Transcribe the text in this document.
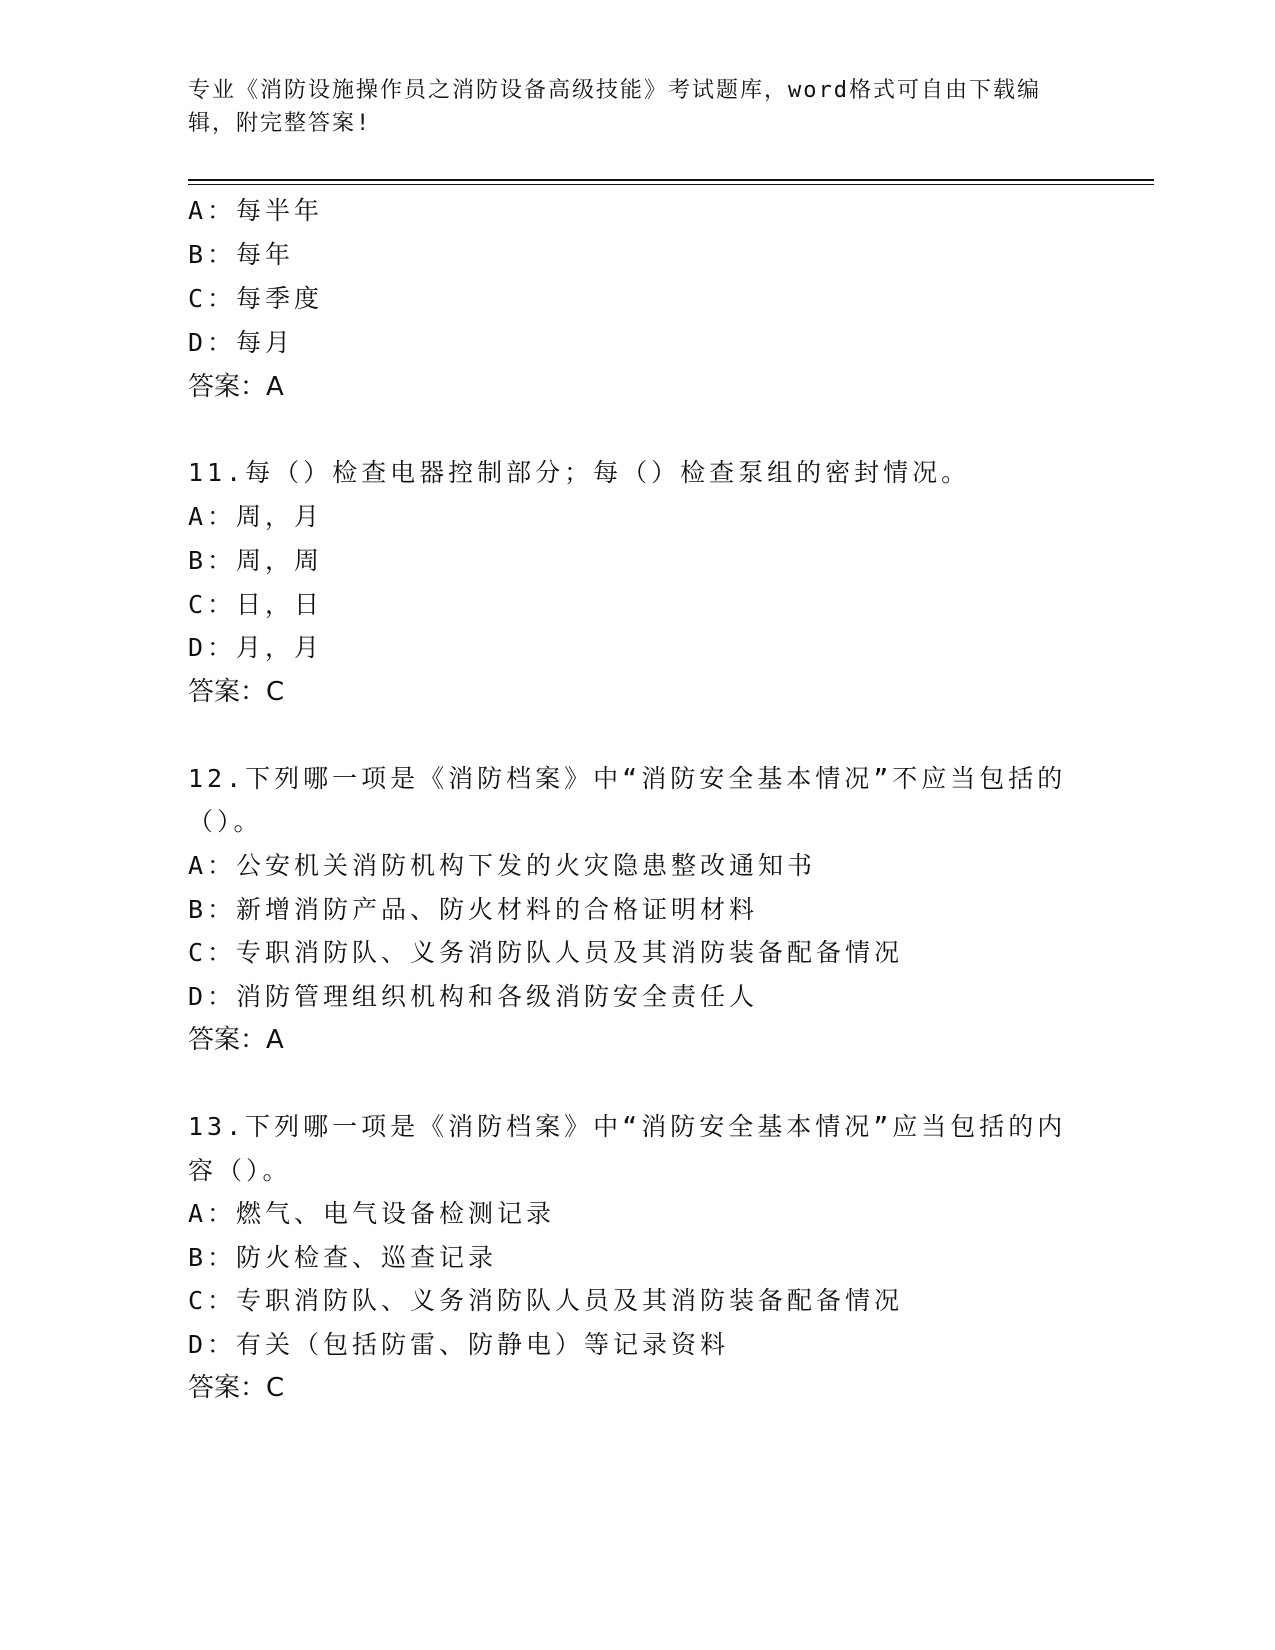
专业《消防设施操作员之消防设备高级技能》考试题库，word格式可自由下载编
辑，附完整答案!
A：每半年
B：每年
C：每季度
D：每月
答案：A
11.每（）检查电器控制部分；每（）检查泵组的密封情况。
A：周，月
B：周，周
C：日，日
D：月，月
答案：C
12.下列哪一项是《消防档案》中“消防安全基本情况”不应当包括的
（）。
A：公安机关消防机构下发的火灾隐患整改通知书
B：新增消防产品、防火材料的合格证明材料
C：专职消防队、义务消防队人员及其消防装备配备情况
D：消防管理组织机构和各级消防安全责任人
答案：A
13.下列哪一项是《消防档案》中“消防安全基本情况”应当包括的内
容（）。
A：燃气、电气设备检测记录
B：防火检查、巡查记录
C：专职消防队、义务消防队人员及其消防装备配备情况
D：有关（包括防雷、防静电）等记录资料
答案：C
